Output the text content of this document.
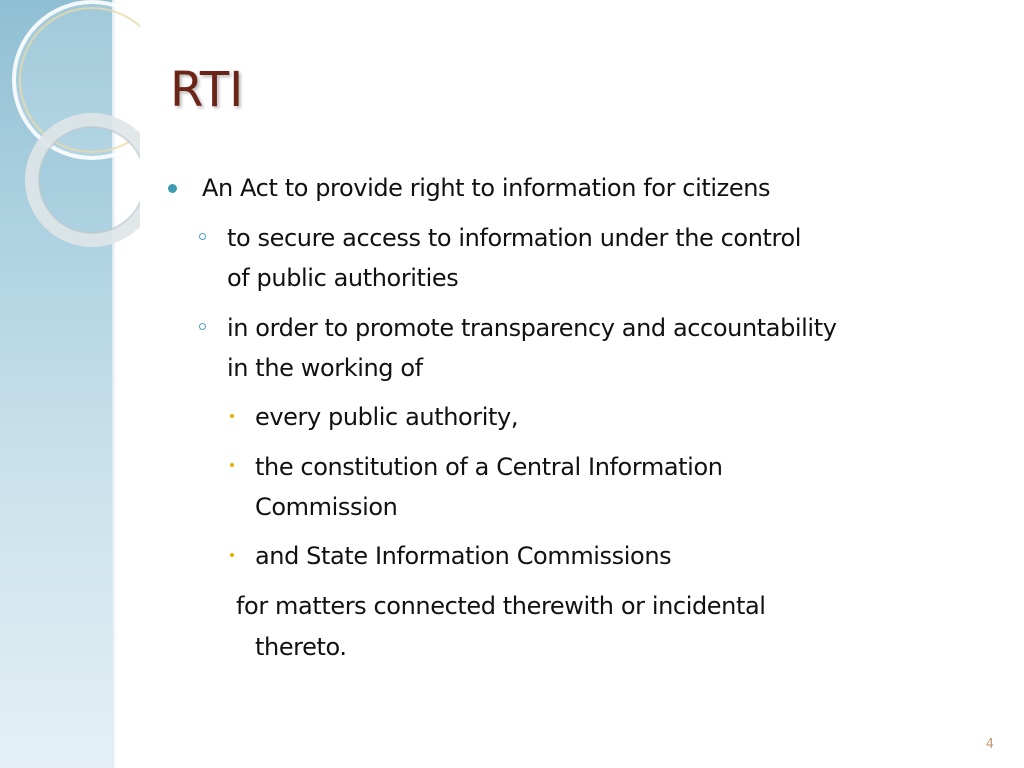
RTI
An Act to provide right to information for citizens
to secure access to information under the control
of public authorities
in order to promote transparency and accountability
in the working of
every public authority,
the constitution of a Central Information
Commission
and State Information Commissions
for matters connected therewith or incidental
thereto.
4
